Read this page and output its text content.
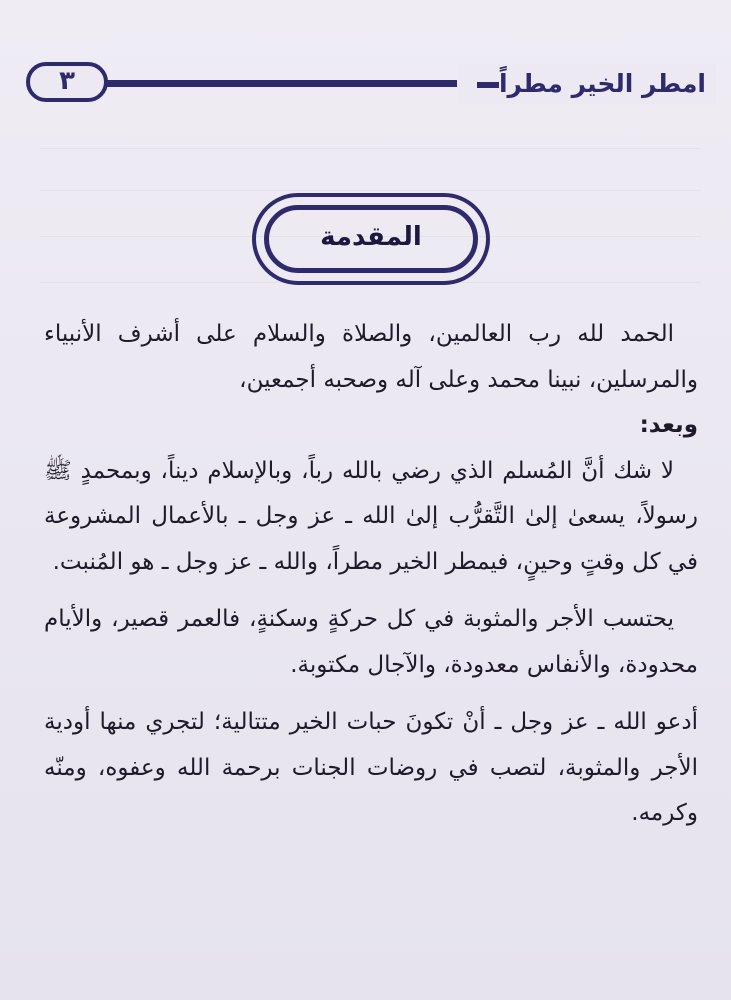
امطر الخير مطراً
٣
المقدمة

الحمد لله رب العالمين، والصلاة والسلام على أشرف الأنبياء والمرسلين، نبينا محمد وعلى آله وصحبه أجمعين،

وبعد:

لا شك أنَّ المُسلم الذي رضي بالله رباً، وبالإسلام ديناً، وبمحمدٍ ﷺ رسولاً، يسعىٰ إلىٰ التَّقرُّب إلىٰ الله ـ عز وجل ـ بالأعمال المشروعة في كل وقتٍ وحينٍ، فيمطر الخير مطراً، والله ـ عز وجل ـ هو المُنبت.

يحتسب الأجر والمثوبة في كل حركةٍ وسكنةٍ، فالعمر قصير، والأيام محدودة، والأنفاس معدودة، والآجال مكتوبة.

أدعو الله ـ عز وجل ـ أنْ تكونَ حبات الخير متتالية؛ لتجري منها أودية الأجر والمثوبة، لتصب في روضات الجنات برحمة الله وعفوه، ومنّه وكرمه.
